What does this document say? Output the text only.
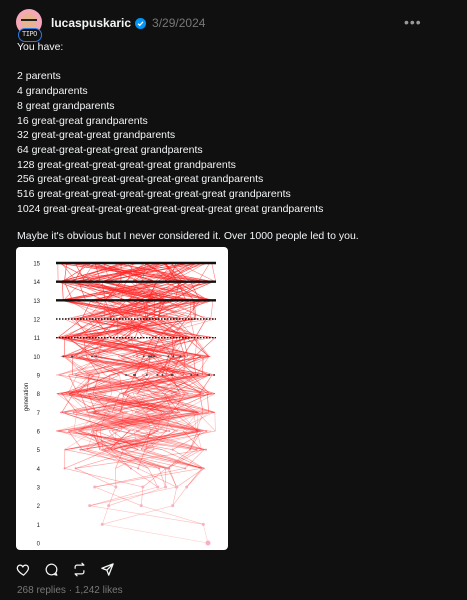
TIPO
lucaspuskaric 3/29/2024	•••
You have:
2 parents
4 grandparents
8 great grandparents
16 great-great grandparents
32 great-great-great grandparents
64 great-great-great-great grandparents
128 great-great-great-great-great grandparents
256 great-great-great-great-great-great grandparents
516 great-great-great-great-great-great-great grandparents
1024 great-great-great-great-great-great-great great grandparents
Maybe it's obvious but I never considered it. Over 1000 people led to you.
0
1
2
3
4
5
6
7
8
9
10
11
12
13
14
15
generation
268 replies · 1,242 likes
